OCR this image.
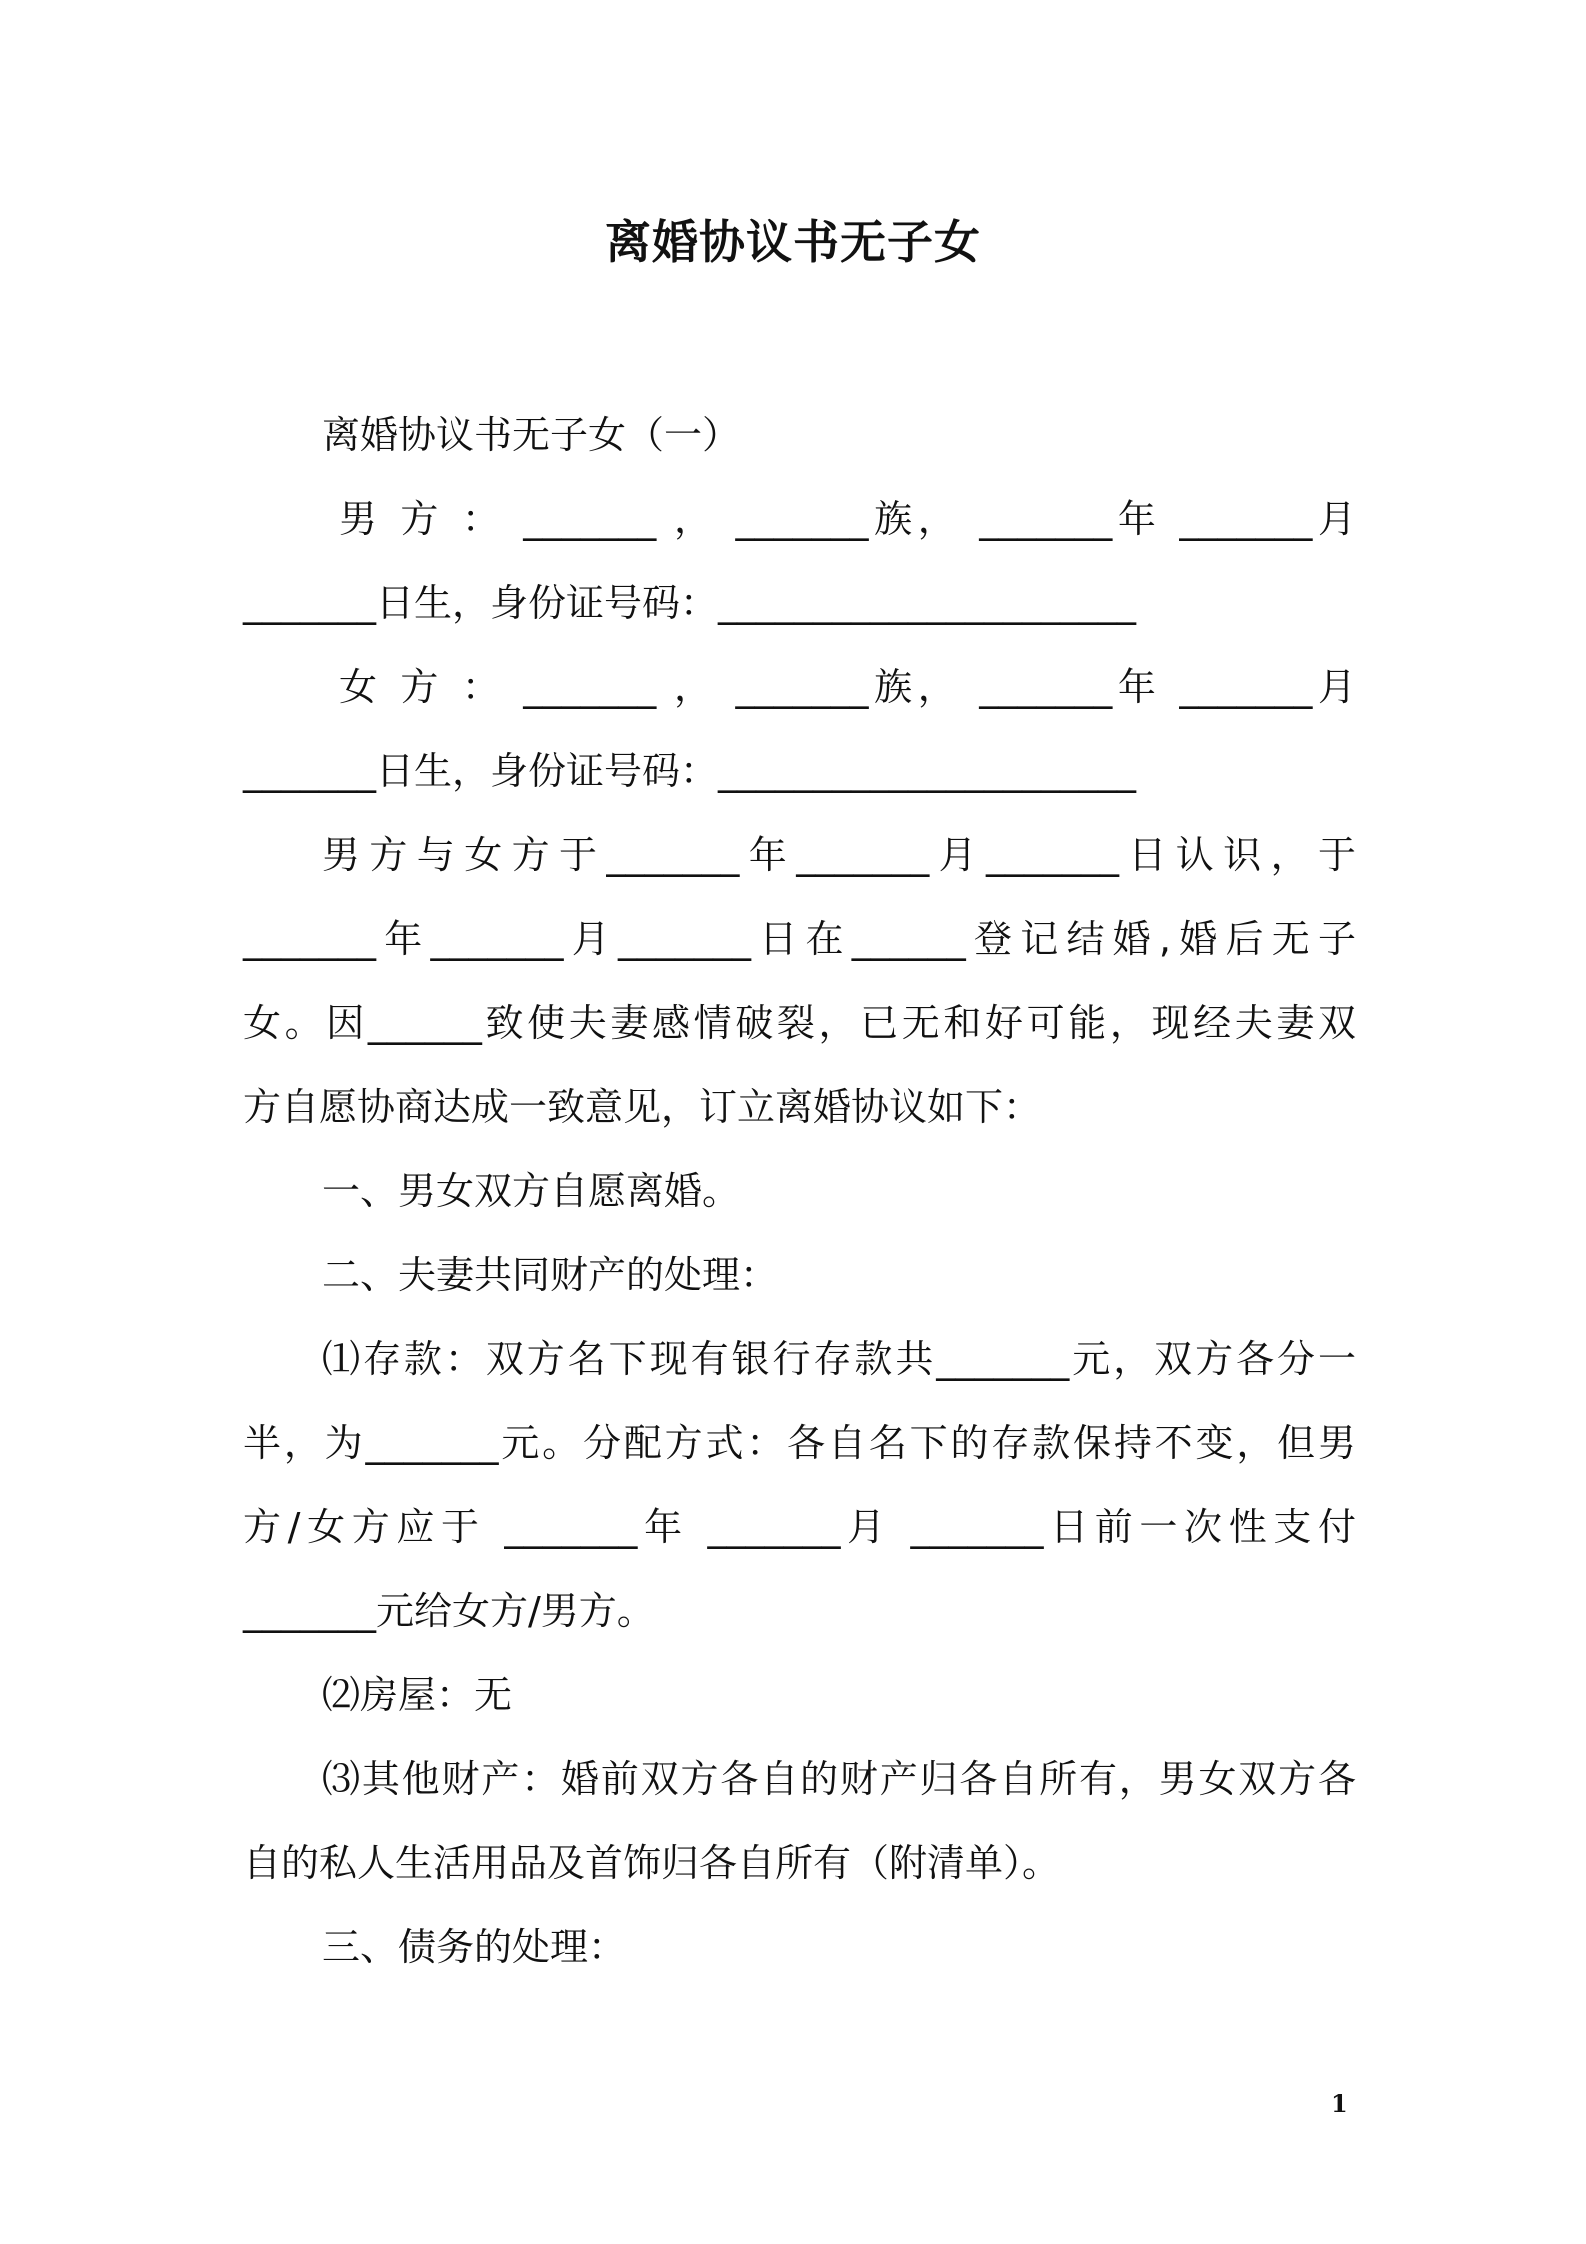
离婚协议书无子女
离婚协议书无子女（一）
男 方 ： _______ ， _______族， _______年 _______月
_______日生，身份证号码：______________________
女 方 ： _______ ， _______族， _______年 _______月
_______日生，身份证号码：______________________
男方与女方于_______年_______月_______日认识，于
_______年_______月_______日在______登记结婚,婚后无子
女。因______致使夫妻感情破裂，已无和好可能，现经夫妻双
方自愿协商达成一致意见，订立离婚协议如下：
一、男女双方自愿离婚。
二、夫妻共同财产的处理：
⑴存款：双方名下现有银行存款共_______元，双方各分一
半，为_______元。分配方式：各自名下的存款保持不变，但男
方/女方应于 _______年 _______月 _______日前一次性支付
_______元给女方/男方。
⑵房屋：无
⑶其他财产：婚前双方各自的财产归各自所有，男女双方各
自的私人生活用品及首饰归各自所有（附清单）。
三、债务的处理：
1
